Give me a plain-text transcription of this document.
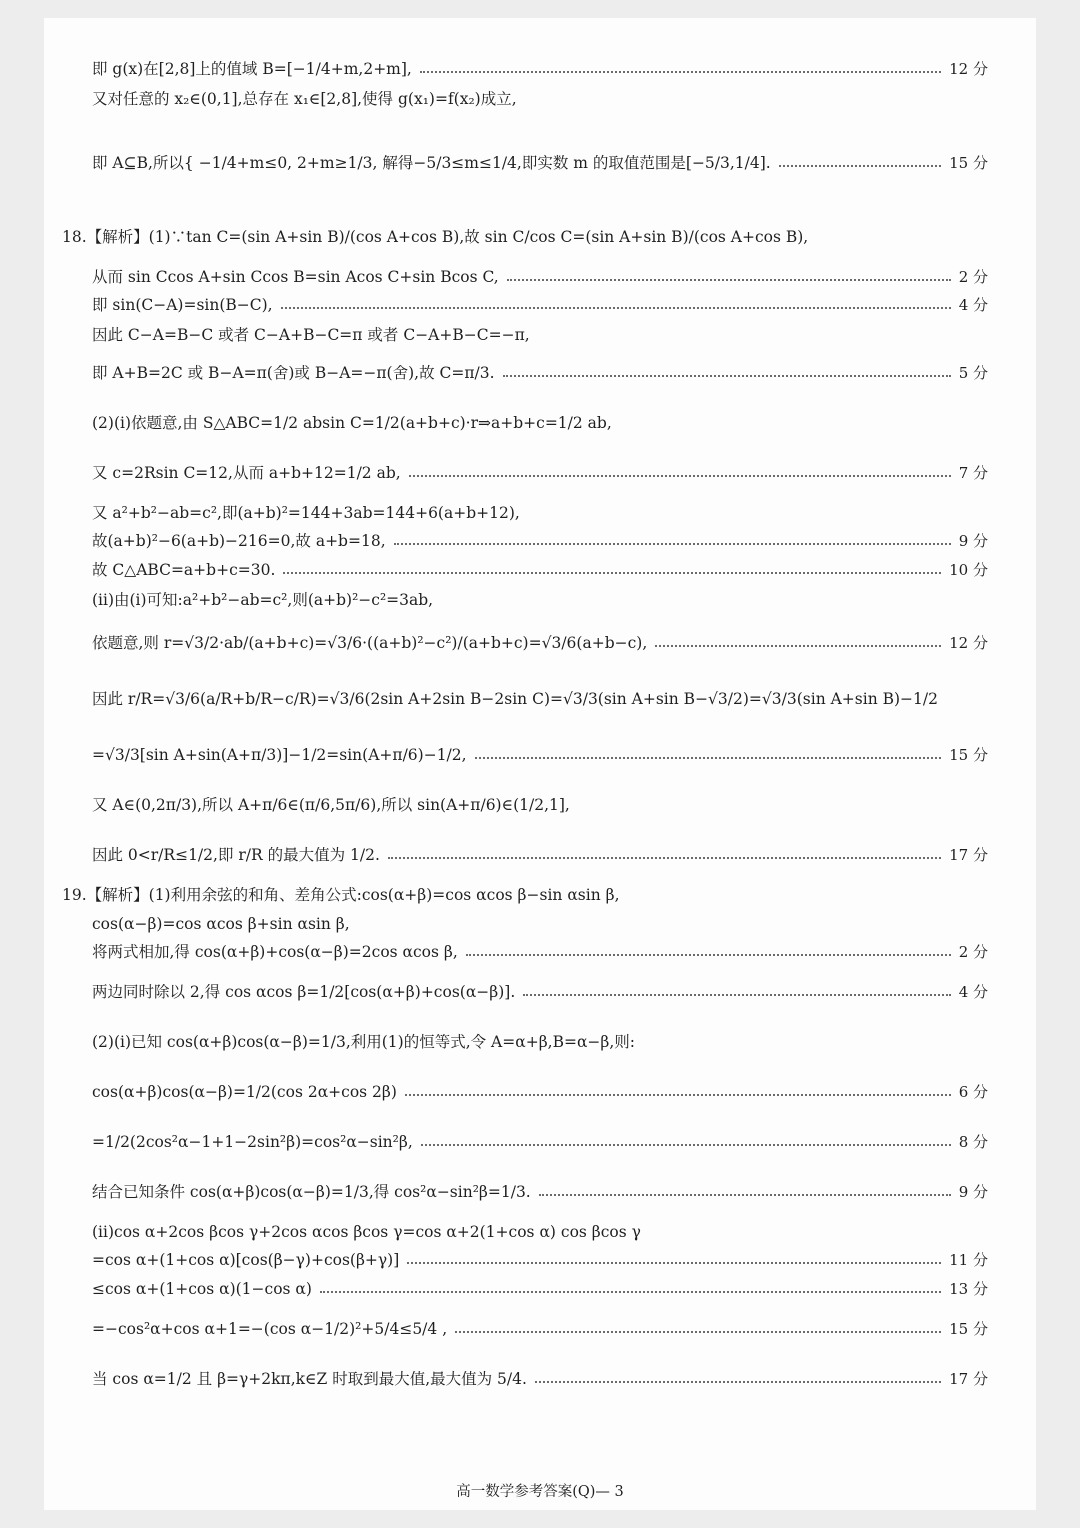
即 g(x)在[2,8]上的值域 B=[−1/4+m,2+m],	12 分
又对任意的 x₂∈(0,1],总存在 x₁∈[2,8],使得 g(x₁)=f(x₂)成立,
即 A⊆B,所以{ −1/4+m≤0, 2+m≥1/3, 解得−5/3≤m≤1/4,即实数 m 的取值范围是[−5/3,1/4].	15 分
18.【解析】(1)∵tan C=(sin A+sin B)/(cos A+cos B),故 sin C/cos C=(sin A+sin B)/(cos A+cos B),
从而 sin Ccos A+sin Ccos B=sin Acos C+sin Bcos C,	2 分
即 sin(C−A)=sin(B−C),	4 分
因此 C−A=B−C 或者 C−A+B−C=π 或者 C−A+B−C=−π,
即 A+B=2C 或 B−A=π(舍)或 B−A=−π(舍),故 C=π/3.	5 分
(2)(ⅰ)依题意,由 S△ABC=1/2 absin C=1/2(a+b+c)·r⇒a+b+c=1/2 ab,
又 c=2Rsin C=12,从而 a+b+12=1/2 ab,	7 分
又 a²+b²−ab=c²,即(a+b)²=144+3ab=144+6(a+b+12),
故(a+b)²−6(a+b)−216=0,故 a+b=18,	9 分
故 C△ABC=a+b+c=30.	10 分
(ⅱ)由(ⅰ)可知:a²+b²−ab=c²,则(a+b)²−c²=3ab,
依题意,则 r=√3/2·ab/(a+b+c)=√3/6·((a+b)²−c²)/(a+b+c)=√3/6(a+b−c),	12 分
因此 r/R=√3/6(a/R+b/R−c/R)=√3/6(2sin A+2sin B−2sin C)=√3/3(sin A+sin B−√3/2)=√3/3(sin A+sin B)−1/2
=√3/3[sin A+sin(A+π/3)]−1/2=sin(A+π/6)−1/2,	15 分
又 A∈(0,2π/3),所以 A+π/6∈(π/6,5π/6),所以 sin(A+π/6)∈(1/2,1],
因此 0<r/R≤1/2,即 r/R 的最大值为 1/2.	17 分
19.【解析】(1)利用余弦的和角、差角公式:cos(α+β)=cos αcos β−sin αsin β,
cos(α−β)=cos αcos β+sin αsin β,
将两式相加,得 cos(α+β)+cos(α−β)=2cos αcos β,	2 分
两边同时除以 2,得 cos αcos β=1/2[cos(α+β)+cos(α−β)].	4 分
(2)(ⅰ)已知 cos(α+β)cos(α−β)=1/3,利用(1)的恒等式,令 A=α+β,B=α−β,则:
cos(α+β)cos(α−β)=1/2(cos 2α+cos 2β)	6 分
=1/2(2cos²α−1+1−2sin²β)=cos²α−sin²β,	8 分
结合已知条件 cos(α+β)cos(α−β)=1/3,得 cos²α−sin²β=1/3.	9 分
(ⅱ)cos α+2cos βcos γ+2cos αcos βcos γ=cos α+2(1+cos α) cos βcos γ
=cos α+(1+cos α)[cos(β−γ)+cos(β+γ)]	11 分
≤cos α+(1+cos α)(1−cos α)	13 分
=−cos²α+cos α+1=−(cos α−1/2)²+5/4≤5/4 ,	15 分
当 cos α=1/2 且 β=γ+2kπ,k∈Z 时取到最大值,最大值为 5/4.	17 分
高一数学参考答案(Q)— 3
